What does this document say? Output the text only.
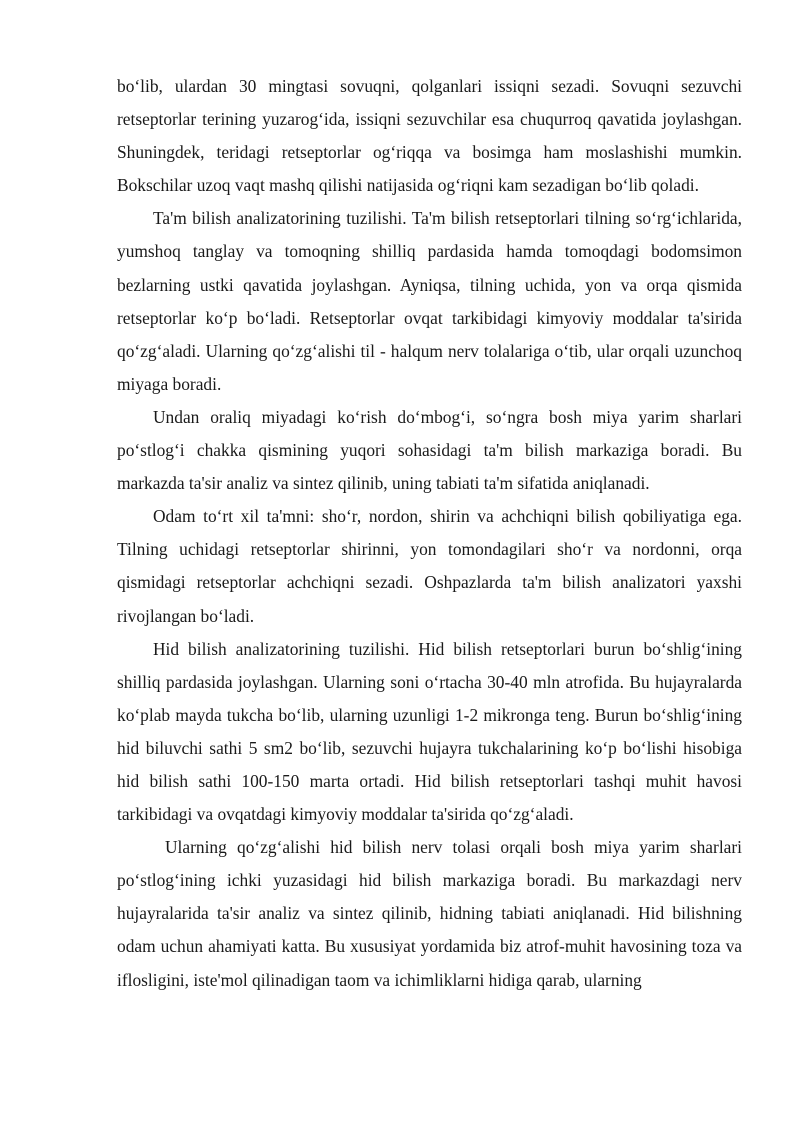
bo‘lib, ulardan 30 mingtasi sovuqni, qolganlari issiqni sezadi. Sovuqni sezuvchi retseptorlar terining yuzarog‘ida, issiqni sezuvchilar esa chuqurroq qavatida joylashgan. Shuningdek, teridagi retseptorlar og‘riqqa va bosimga ham moslashishi mumkin. Bokschilar uzoq vaqt mashq qilishi natijasida og‘riqni kam sezadigan bo‘lib qoladi.

Ta'm bilish analizatorining tuzilishi. Ta'm bilish retseptorlari tilning so‘rg‘ichlarida, yumshoq tanglay va tomoqning shilliq pardasida hamda tomoqdagi bodomsimon bezlarning ustki qavatida joylashgan. Ayniqsa, tilning uchida, yon va orqa qismida retseptorlar ko‘p bo‘ladi. Retseptorlar ovqat tarkibidagi kimyoviy moddalar ta'sirida qo‘zg‘aladi. Ularning qo‘zg‘alishi til - halqum nerv tolalariga o‘tib, ular orqali uzunchoq miyaga boradi.

Undan oraliq miyadagi ko‘rish do‘mbog‘i, so‘ngra bosh miya yarim sharlari po‘stlog‘i chakka qismining yuqori sohasidagi ta'm bilish markaziga boradi. Bu markazda ta'sir analiz va sintez qilinib, uning tabiati ta'm sifatida aniqlanadi.

Odam to‘rt xil ta'mni: sho‘r, nordon, shirin va achchiqni bilish qobiliyatiga ega. Tilning uchidagi retseptorlar shirinni, yon tomondagilari sho‘r va nordonni, orqa qismidagi retseptorlar achchiqni sezadi. Oshpazlarda ta'm bilish analizatori yaxshi rivojlangan bo‘ladi.

Hid bilish analizatorining tuzilishi. Hid bilish retseptorlari burun bo‘shlig‘ining shilliq pardasida joylashgan. Ularning soni o‘rtacha 30-40 mln atrofida. Bu hujayralarda ko‘plab mayda tukcha bo‘lib, ularning uzunligi 1-2 mikronga teng. Burun bo‘shlig‘ining hid biluvchi sathi 5 sm2 bo‘lib, sezuvchi hujayra tukchalarining ko‘p bo‘lishi hisobiga hid bilish sathi 100-150 marta ortadi. Hid bilish retseptorlari tashqi muhit havosi tarkibidagi va ovqatdagi kimyoviy moddalar ta'sirida qo‘zg‘aladi.

Ularning qo‘zg‘alishi hid bilish nerv tolasi orqali bosh miya yarim sharlari po‘stlog‘ining ichki yuzasidagi hid bilish markaziga boradi. Bu markazdagi nerv hujayralarida ta'sir analiz va sintez qilinib, hidning tabiati aniqlanadi. Hid bilishning odam uchun ahamiyati katta. Bu xususiyat yordamida biz atrof-muhit havosining toza va iflosligini, iste'mol qilinadigan taom va ichimliklarni hidiga qarab, ularning
